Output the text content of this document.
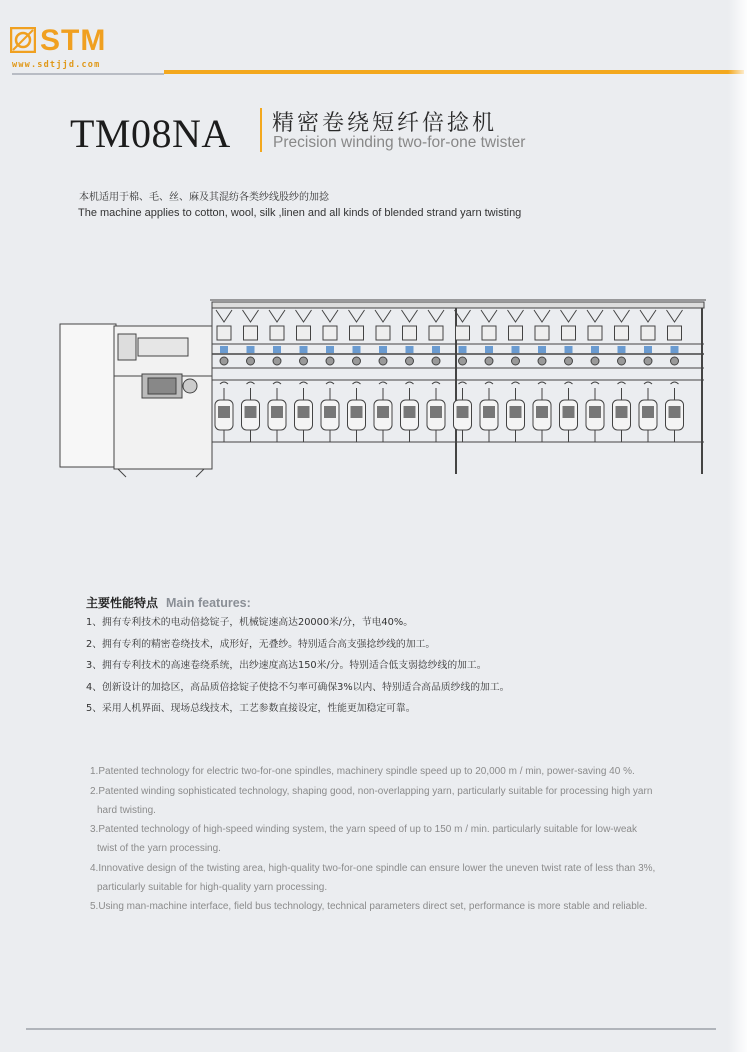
STM
www.sdtjjd.com
TM08NA 精密卷绕短纤倍捻机
Precision winding two-for-one twister
本机适用于棉、毛、丝、麻及其混纺各类纱线股纱的加捻
The machine applies to cotton, wool, silk ,linen and all kinds of blended strand yarn twisting
主要性能特点 Main features:
1、拥有专利技术的电动倍捻锭子，机械锭速高达20000米/分，节电40%。
2、拥有专利的精密卷绕技术，成形好，无叠纱。特别适合高支强捻纱线的加工。
3、拥有专利技术的高速卷绕系统，出纱速度高达150米/分。特别适合低支弱捻纱线的加工。
4、创新设计的加捻区，高品质倍捻锭子使捻不匀率可确保3%以内、特别适合高品质纱线的加工。
5、采用人机界面、现场总线技术，工艺参数直接设定，性能更加稳定可靠。
1.Patented technology for electric two-for-one spindles, machinery spindle speed up to 20,000 m / min, power-saving 40 %.
2.Patented winding sophisticated technology, shaping good, non-overlapping yarn, particularly suitable for processing high yarn
hard twisting.
3.Patented technology of high-speed winding system, the yarn speed of up to 150 m / min. particularly suitable for low-weak
twist of the yarn processing.
4.Innovative design of the twisting area, high-quality two-for-one spindle can ensure lower the uneven twist rate of less than 3%,
particularly suitable for high-quality yarn processing.
5.Using man-machine interface, field bus technology, technical parameters direct set, performance is more stable and reliable.
